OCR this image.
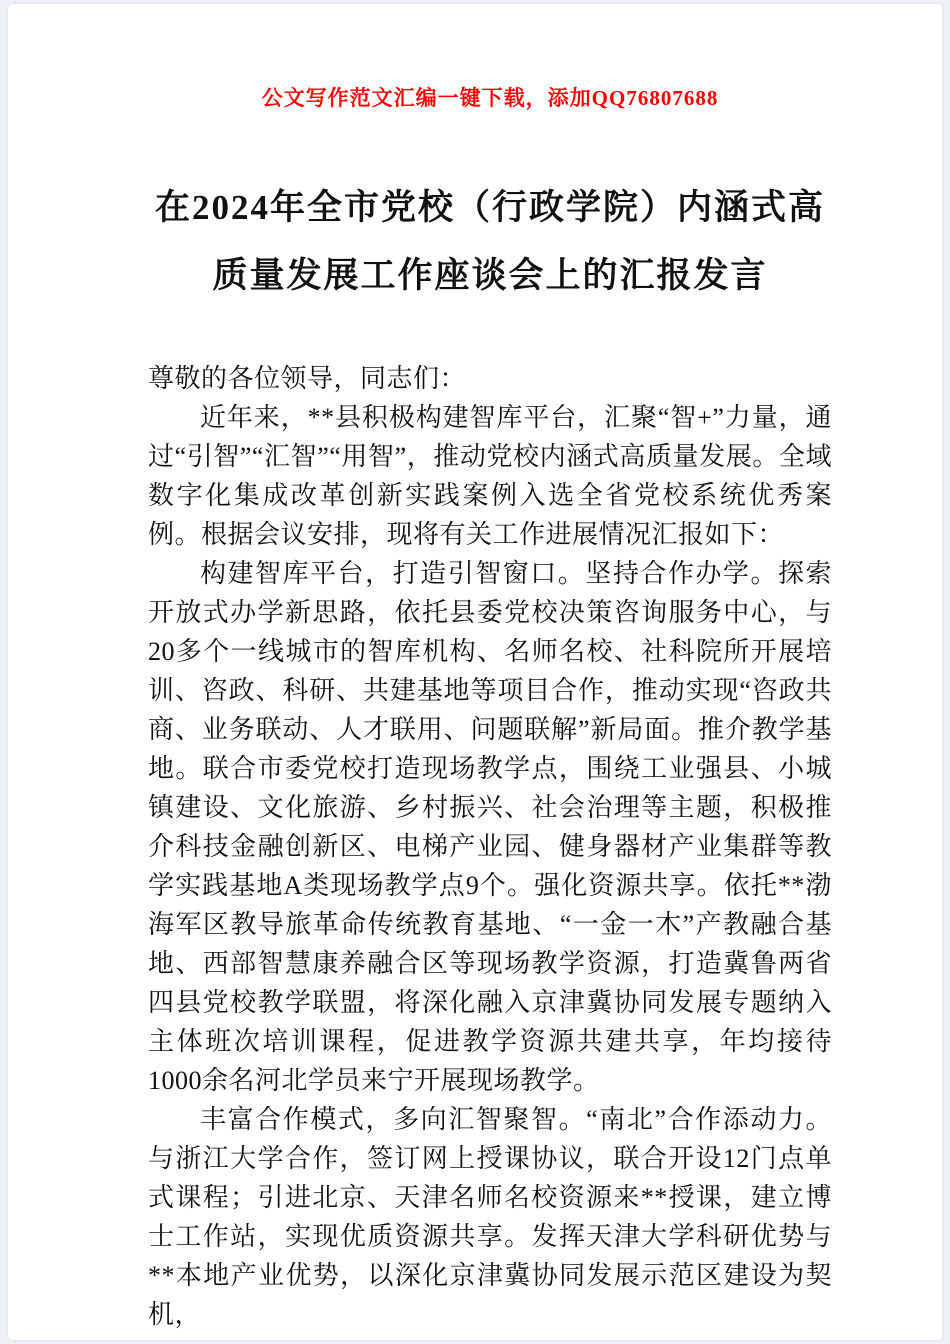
公文写作范文汇编一键下载，添加QQ76807688
在2024年全市党校（行政学院）内涵式高
质量发展工作座谈会上的汇报发言

尊敬的各位领导，同志们：

近年来，**县积极构建智库平台，汇聚“智+”力量，通过“引智”“汇智”“用智”，推动党校内涵式高质量发展。全域数字化集成改革创新实践案例入选全省党校系统优秀案例。根据会议安排，现将有关工作进展情况汇报如下：

构建智库平台，打造引智窗口。坚持合作办学。探索开放式办学新思路，依托县委党校决策咨询服务中心，与20多个一线城市的智库机构、名师名校、社科院所开展培训、咨政、科研、共建基地等项目合作，推动实现“咨政共商、业务联动、人才联用、问题联解”新局面。推介教学基地。联合市委党校打造现场教学点，围绕工业强县、小城镇建设、文化旅游、乡村振兴、社会治理等主题，积极推介科技金融创新区、电梯产业园、健身器材产业集群等教学实践基地A类现场教学点9个。强化资源共享。依托**渤海军区教导旅革命传统教育基地、“一金一木”产教融合基地、西部智慧康养融合区等现场教学资源，打造冀鲁两省四县党校教学联盟，将深化融入京津冀协同发展专题纳入主体班次培训课程，促进教学资源共建共享，年均接待1000余名河北学员来宁开展现场教学。

丰富合作模式，多向汇智聚智。“南北”合作添动力。与浙江大学合作，签订网上授课协议，联合开设12门点单式课程；引进北京、天津名师名校资源来**授课，建立博士工作站，实现优质资源共享。发挥天津大学科研优势与**本地产业优势，以深化京津冀协同发展示范区建设为契机，
